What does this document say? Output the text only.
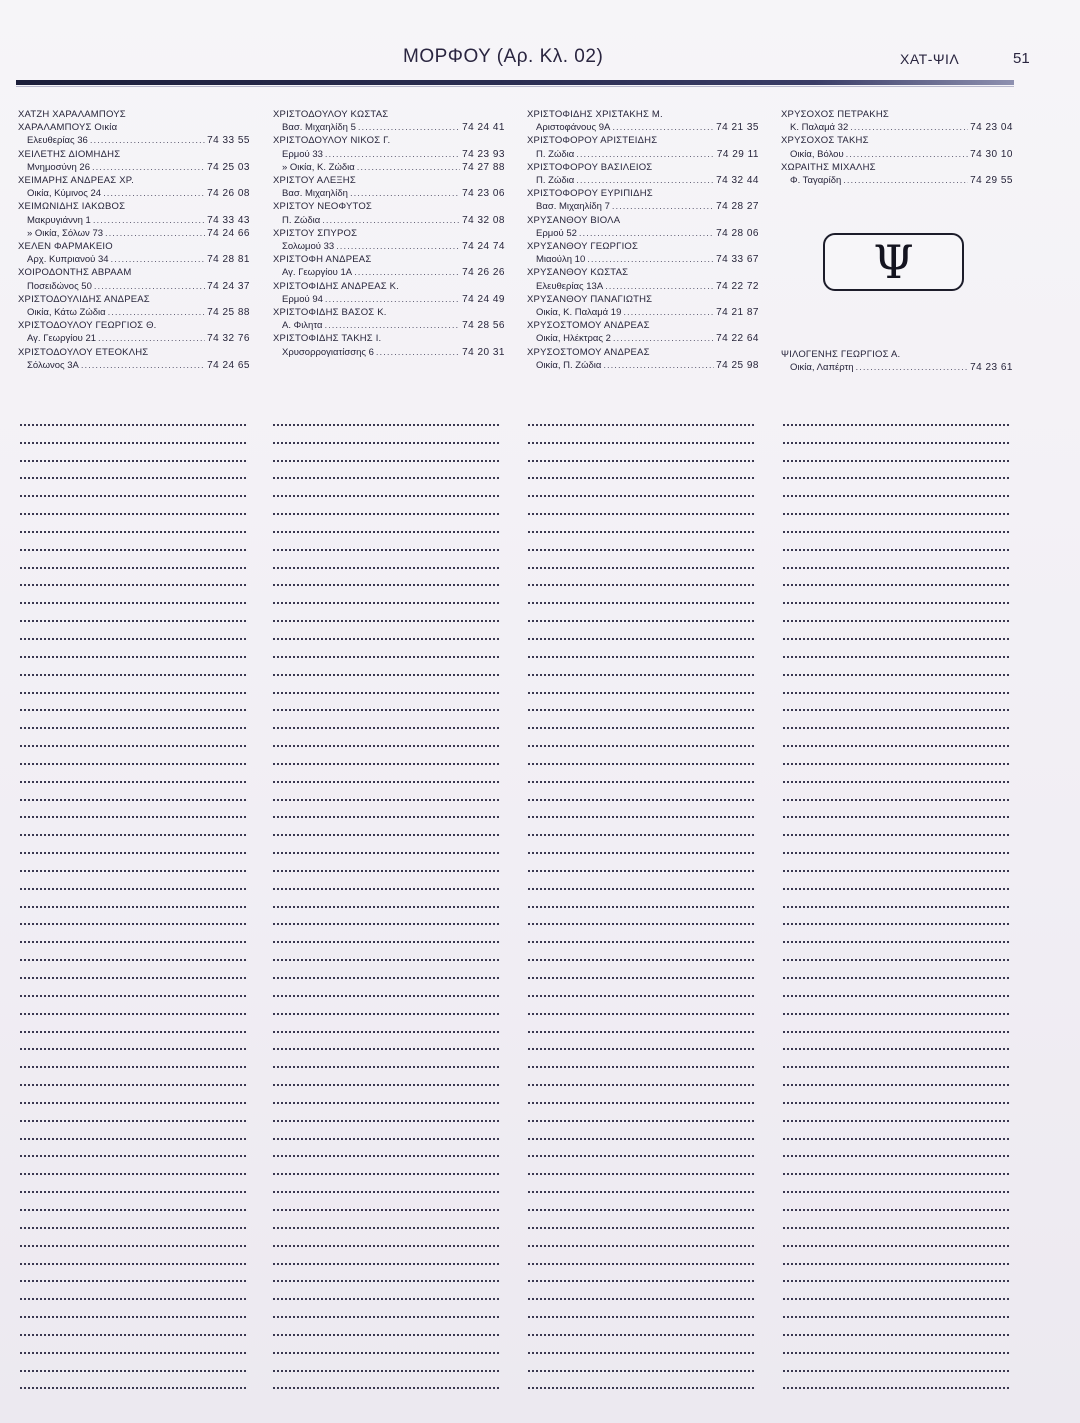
ΜΟΡΦΟΥ (Αρ. Κλ. 02)	ΧΑΤ-ΨΙΛ	51
ΧΑΤΖΗ ΧΑΡΑΛΑΜΠΟΥΣ
ΧΑΡΑΛΑΜΠΟΥΣ Οικία
Ελευθερίας 36 .....	74 33 55
ΧΕΙΛΕΤΗΣ ΔΙΟΜΗΔΗΣ
Μνημοσύνη 26 .....	74 25 03
ΧΕΙΜΑΡΗΣ ΑΝΔΡΕΑΣ ΧΡ.
Οικία, Κύμινος 24 .....	74 26 08
ΧΕΙΜΩΝΙΔΗΣ ΙΑΚΩΒΟΣ
Μακρυγιάννη 1 .....	74 33 43
» Οικία, Σόλων 73 .....	74 24 66
ΧΕΛΕΝ ΦΑΡΜΑΚΕΙΟ
Αρχ. Κυπριανού 34 .....	74 28 81
ΧΟΙΡΟΔΟΝΤΗΣ ΑΒΡΑΑΜ
Ποσειδώνος 50 .....	74 24 37
ΧΡΙΣΤΟΔΟΥΛΙΔΗΣ ΑΝΔΡΕΑΣ
Οικία, Κάτω Ζώδια .....	74 25 88
ΧΡΙΣΤΟΔΟΥΛΟΥ ΓΕΩΡΓΙΟΣ Θ.
Αγ. Γεωργίου 21 .....	74 32 76
ΧΡΙΣΤΟΔΟΥΛΟΥ ΕΤΕΟΚΛΗΣ
Σόλωνος 3Α .....	74 24 65
ΧΡΙΣΤΟΔΟΥΛΟΥ ΚΩΣΤΑΣ
Βασ. Μιχαηλίδη 5 .....	74 24 41
ΧΡΙΣΤΟΔΟΥΛΟΥ ΝΙΚΟΣ Γ.
Ερμού 33 .....	74 23 93
» Οικία, Κ. Ζώδια .....	74 27 88
ΧΡΙΣΤΟΥ ΑΛΕΞΗΣ
Βασ. Μιχαηλίδη .....	74 23 06
ΧΡΙΣΤΟΥ ΝΕΟΦΥΤΟΣ
Π. Ζώδια .....	74 32 08
ΧΡΙΣΤΟΥ ΣΠΥΡΟΣ
Σολωμού 33 .....	74 24 74
ΧΡΙΣΤΟΦΗ ΑΝΔΡΕΑΣ
Αγ. Γεωργίου 1Α .....	74 26 26
ΧΡΙΣΤΟΦΙΔΗΣ ΑΝΔΡΕΑΣ Κ.
Ερμού 94 .....	74 24 49
ΧΡΙΣΤΟΦΙΔΗΣ ΒΑΣΟΣ Κ.
Α. Φιλητα .....	74 28 56
ΧΡΙΣΤΟΦΙΔΗΣ ΤΑΚΗΣ Ι.
Χρυσορρογιατίσσης 6 .....	74 20 31
ΧΡΙΣΤΟΦΙΔΗΣ ΧΡΙΣΤΑΚΗΣ Μ.
Αριστοφάνους 9Α .....	74 21 35
ΧΡΙΣΤΟΦΟΡΟΥ ΑΡΙΣΤΕΙΔΗΣ
Π. Ζώδια .....	74 29 11
ΧΡΙΣΤΟΦΟΡΟΥ ΒΑΣΙΛΕΙΟΣ
Π. Ζώδια .....	74 32 44
ΧΡΙΣΤΟΦΟΡΟΥ ΕΥΡΙΠΙΔΗΣ
Βασ. Μιχαηλίδη 7 .....	74 28 27
ΧΡΥΣΑΝΘΟΥ ΒΙΟΛΑ
Ερμού 52 .....	74 28 06
ΧΡΥΣΑΝΘΟΥ ΓΕΩΡΓΙΟΣ
Μιαούλη 10 .....	74 33 67
ΧΡΥΣΑΝΘΟΥ ΚΩΣΤΑΣ
Ελευθερίας 13Α .....	74 22 72
ΧΡΥΣΑΝΘΟΥ ΠΑΝΑΓΙΩΤΗΣ
Οικία, Κ. Παλαμά 19 .....	74 21 87
ΧΡΥΣΟΣΤΟΜΟΥ ΑΝΔΡΕΑΣ
Οικία, Ηλέκτρας 2 .....	74 22 64
ΧΡΥΣΟΣΤΟΜΟΥ ΑΝΔΡΕΑΣ
Οικία, Π. Ζώδια .....	74 25 98
ΧΡΥΣΟΧΟΣ ΠΕΤΡΑΚΗΣ
Κ. Παλαμά 32 .....	74 23 04
ΧΡΥΣΟΧΟΣ ΤΑΚΗΣ
Οικία, Βόλου .....	74 30 10
ΧΩΡΑΙΤΗΣ ΜΙΧΑΛΗΣ
Φ. Ταγαρίδη .....	74 29 55
Ψ
ΨΙΛΟΓΕΝΗΣ ΓΕΩΡΓΙΟΣ Α.
Οικία, Λαπέρτη .....	74 23 61
